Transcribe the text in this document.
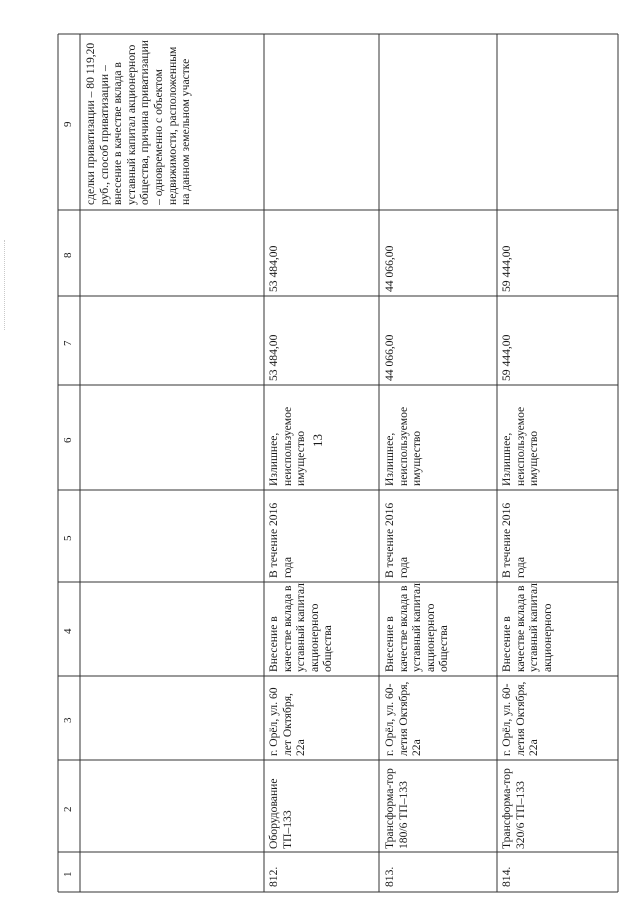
13
1
2
3
4
5
6
7
8
9 сделки приватизации – 80 119,20 руб., способ приватизации – внесение в качестве вклада в уставный капитал акционерного общества, причина приватизации – одновременно с объектом недвижимости, расположенным на данном земельном участке
812.
Оборудование ТП–133
г. Орёл, ул. 60 лет Октября, 22а
Внесение в качестве вклада в уставный капитал акционерного общества
В течение 2016 года
Излишнее, неиспользуемое имущество
53 484,00
53 484,00
813.
Трансформа-тор 180/6 ТП–133
г. Орёл, ул. 60-летия Октября, 22а
Внесение в качестве вклада в уставный капитал акционерного общества
В течение 2016 года
Излишнее, неиспользуемое имущество
44 066,00
44 066,00
814.
Трансформа-тор 320/6 ТП–133
г. Орёл, ул. 60-летия Октября, 22а
Внесение в качестве вклада в уставный капитал акционерного
В течение 2016 года
Излишнее, неиспользуемое имущество
59 444,00
59 444,00
